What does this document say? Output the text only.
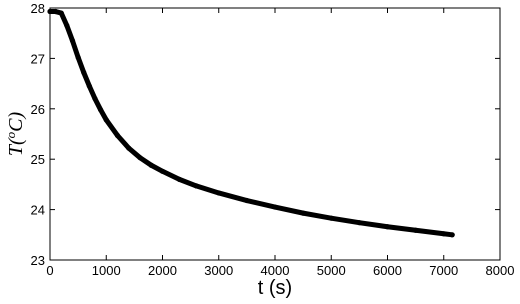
0	1000 2000 3000 4000 5000 6000 7000 8000
23
24
25
26
27
28
t (s)
T($^o$C)
